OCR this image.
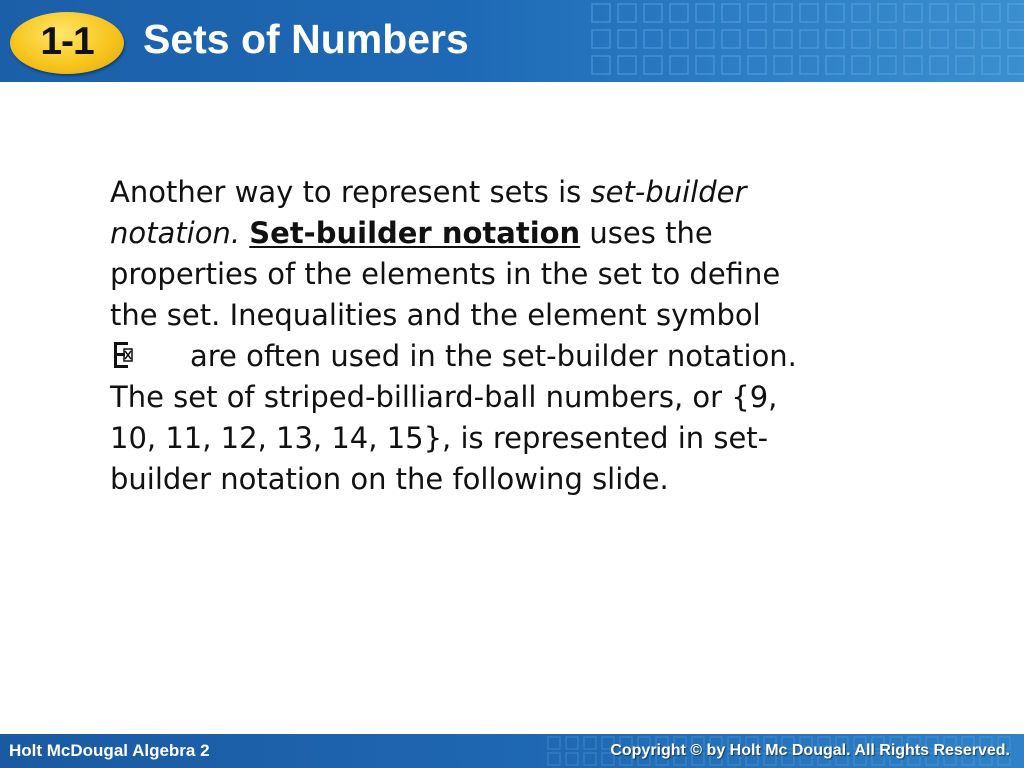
1-1 Sets of Numbers
Another way to represent sets is set-builder
notation. Set-builder notation uses the
properties of the elements in the set to define
the set. Inequalities and the element symbol
are often used in the set-builder notation.
The set of striped-billiard-ball numbers, or {9,
10, 11, 12, 13, 14, 15}, is represented in set-
builder notation on the following slide.
Holt McDougal Algebra 2	Copyright © by Holt Mc Dougal. All Rights Reserved.
